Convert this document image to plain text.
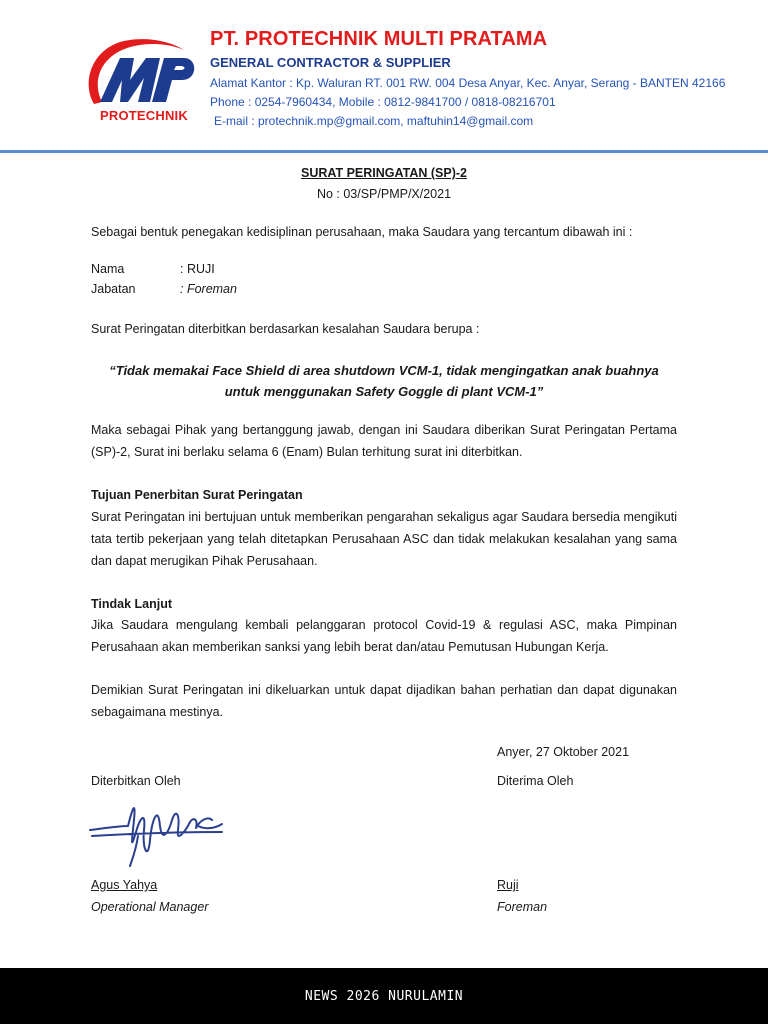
PROTECHNIK
PT. PROTECHNIK MULTI PRATAMA
GENERAL CONTRACTOR & SUPPLIER
Alamat Kantor : Kp. Waluran RT. 001 RW. 004 Desa Anyar, Kec. Anyar, Serang - BANTEN 42166
Phone : 0254-7960434, Mobile : 0812-9841700 / 0818-08216701
E-mail : protechnik.mp@gmail.com, maftuhin14@gmail.com
SURAT PERINGATAN (SP)-2
No : 03/SP/PMP/X/2021
Sebagai bentuk penegakan kedisiplinan perusahaan, maka Saudara yang tercantum dibawah ini :
Nama	: RUJI
Jabatan	: Foreman
Surat Peringatan diterbitkan berdasarkan kesalahan Saudara berupa :
“Tidak memakai Face Shield di area shutdown VCM-1, tidak mengingatkan anak buahnya
untuk menggunakan Safety Goggle di plant VCM-1”
Maka sebagai Pihak yang bertanggung jawab, dengan ini Saudara diberikan Surat Peringatan Pertama (SP)-2, Surat ini berlaku selama 6 (Enam) Bulan terhitung surat ini diterbitkan.
Tujuan Penerbitan Surat Peringatan
Surat Peringatan ini bertujuan untuk memberikan pengarahan sekaligus agar Saudara bersedia mengikuti tata tertib pekerjaan yang telah ditetapkan Perusahaan ASC dan tidak melakukan kesalahan yang sama dan dapat merugikan Pihak Perusahaan.
Tindak Lanjut
Jika Saudara mengulang kembali pelanggaran protocol Covid-19 & regulasi ASC, maka Pimpinan Perusahaan akan memberikan sanksi yang lebih berat dan/atau Pemutusan Hubungan Kerja.
Demikian Surat Peringatan ini dikeluarkan untuk dapat dijadikan bahan perhatian dan dapat digunakan sebagaimana mestinya.
Anyer, 27 Oktober 2021
Diterbitkan Oleh	Diterima Oleh
Agus Yahya
Operational Manager
Ruji
Foreman
NEWS 2026 NURULAMIN
